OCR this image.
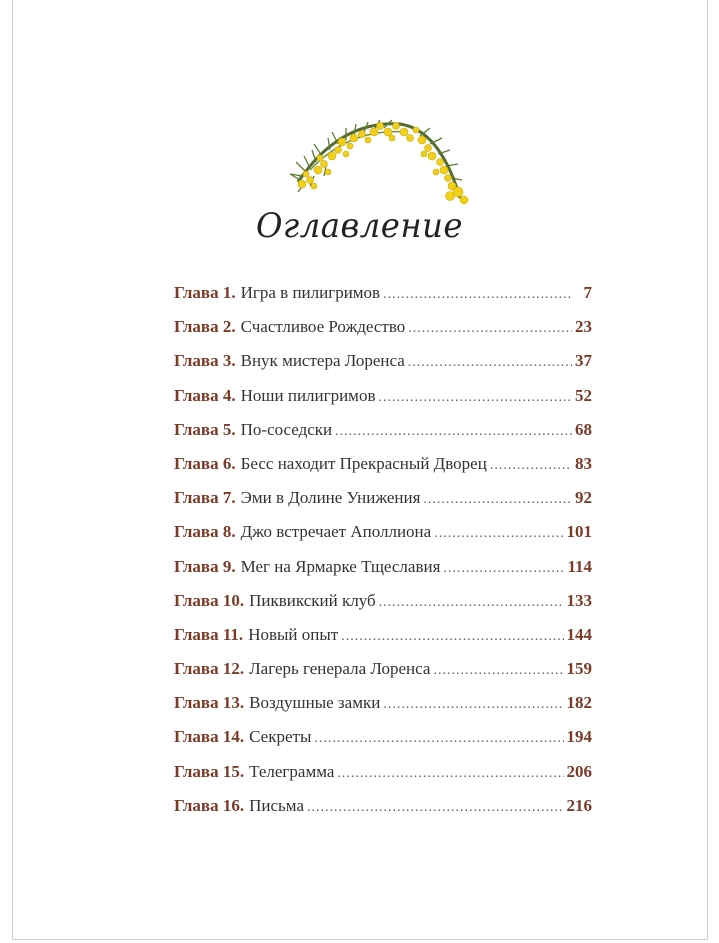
Оглавление
Глава 1. Игра в пилигримов .....	7
Глава 2. Счастливое Рождество .....	23
Глава 3. Внук мистера Лоренса .....	37
Глава 4. Ноши пилигримов .....	52
Глава 5. По-соседски .....	68
Глава 6. Бесс находит Прекрасный Дворец .....	83
Глава 7. Эми в Долине Унижения .....	92
Глава 8. Джо встречает Аполлиона .....	101
Глава 9. Мег на Ярмарке Тщеславия .....	114
Глава 10. Пиквикский клуб .....	133
Глава 11. Новый опыт .....	144
Глава 12. Лагерь генерала Лоренса .....	159
Глава 13. Воздушные замки .....	182
Глава 14. Секреты .....	194
Глава 15. Телеграмма .....	206
Глава 16. Письма .....	216
